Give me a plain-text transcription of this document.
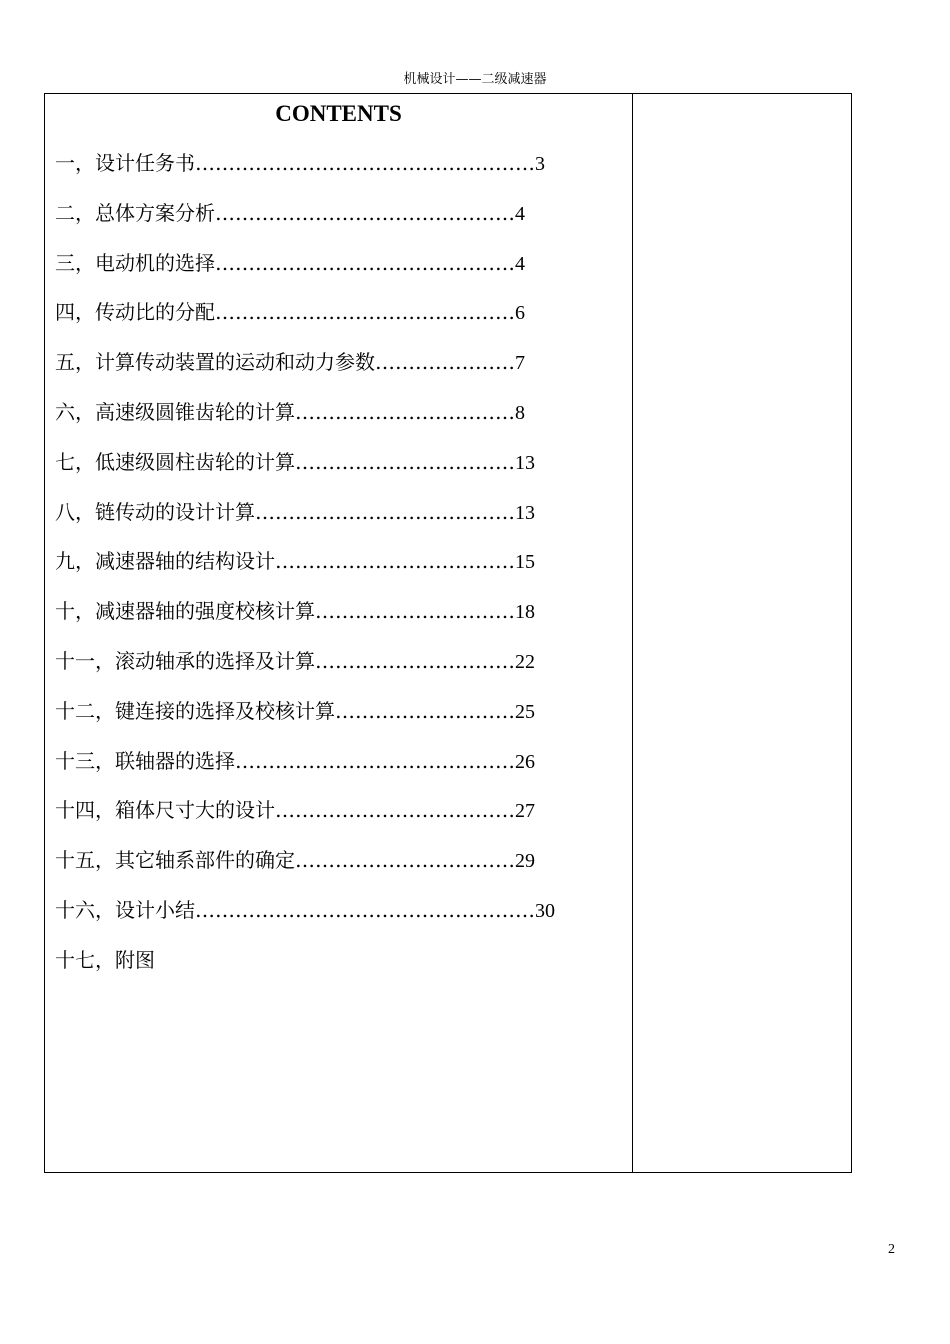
机械设计——二级减速器
CONTENTS
一，设计任务书……………………………………………3
二，总体方案分析………………………………………4
三，电动机的选择………………………………………4
四，传动比的分配………………………………………6
五，计算传动装置的运动和动力参数…………………7
六，高速级圆锥齿轮的计算……………………………8
七，低速级圆柱齿轮的计算……………………………13
八，链传动的设计计算…………………………………13
九，减速器轴的结构设计………………………………15
十，减速器轴的强度校核计算…………………………18
十一，滚动轴承的选择及计算…………………………22
十二，键连接的选择及校核计算………………………25
十三，联轴器的选择……………………………………26
十四，箱体尺寸大的设计………………………………27
十五，其它轴系部件的确定……………………………29
十六，设计小结……………………………………………30
十七，附图
2
